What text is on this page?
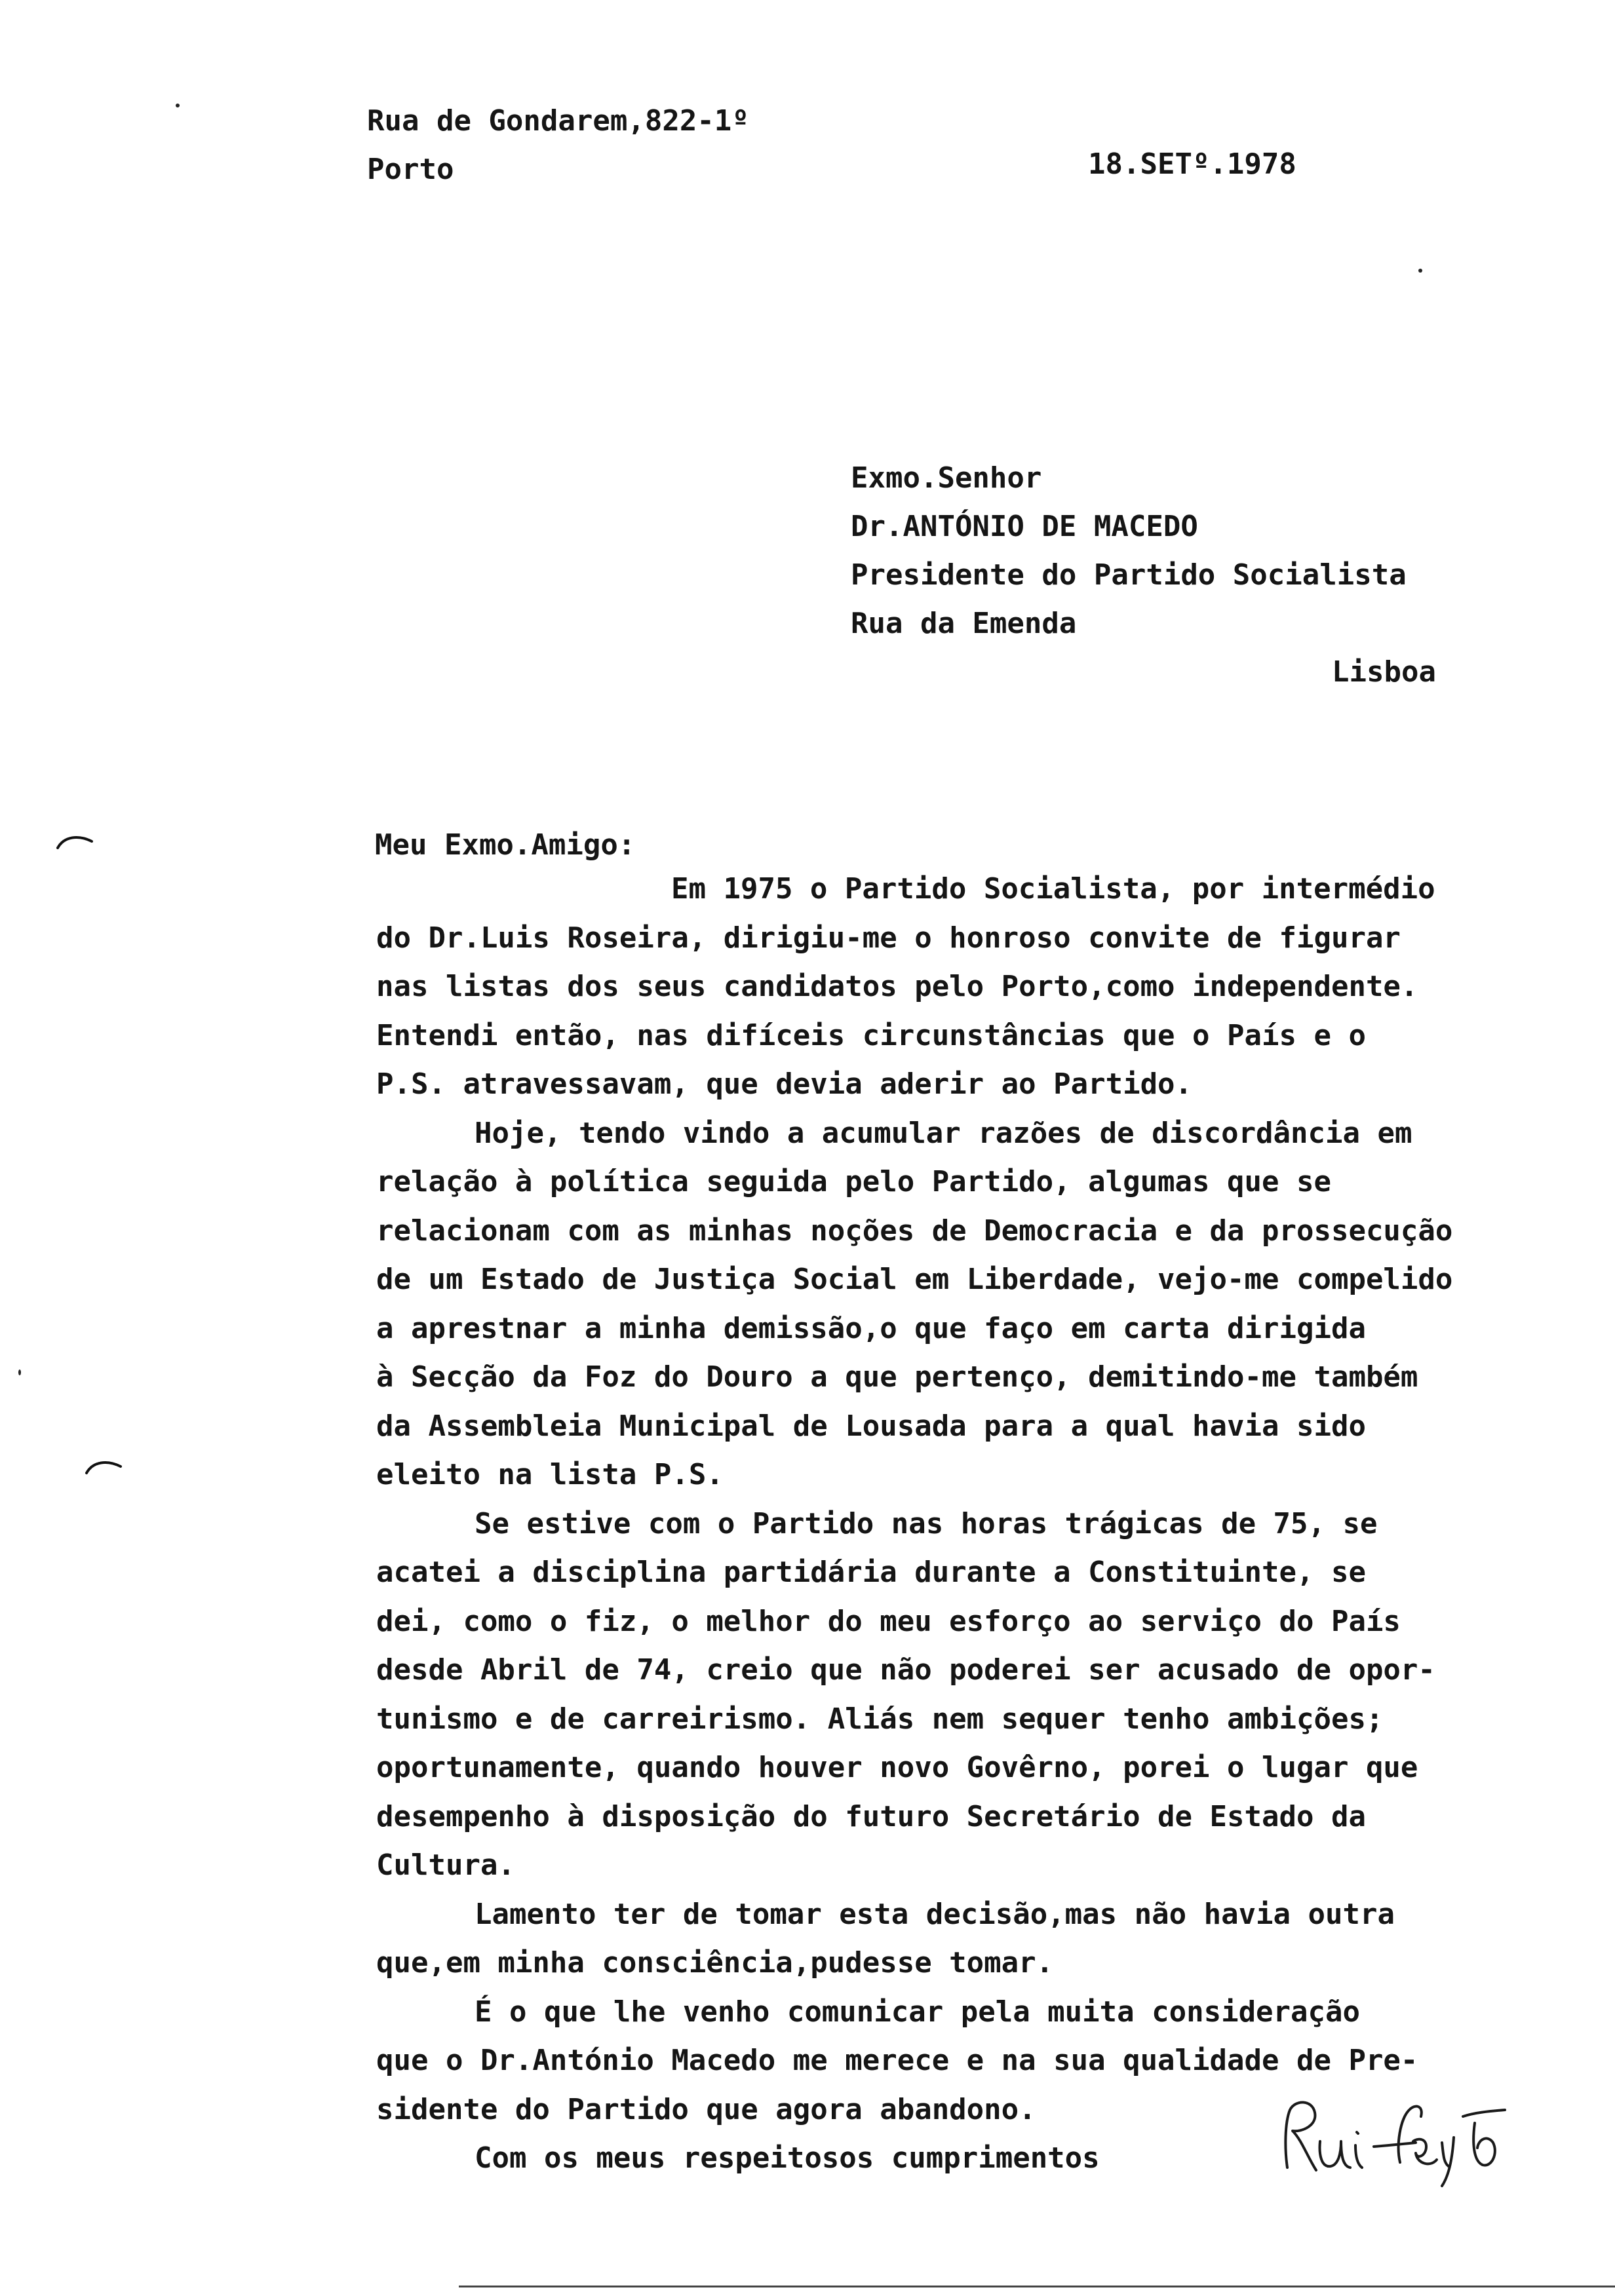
Rua de Gondarem,822-1º
Porto	18.SETº.1978
Exmo.Senhor
Dr.ANTÓNIO DE MACEDO
Presidente do Partido Socialista
Rua da Emenda
Lisboa
Meu Exmo.Amigo:
Em 1975 o Partido Socialista, por intermédio
do Dr.Luis Roseira, dirigiu-me o honroso convite de figurar
nas listas dos seus candidatos pelo Porto,como independente.
Entendi então, nas difíceis circunstâncias que o País e o
P.S. atravessavam, que devia aderir ao Partido.
Hoje, tendo vindo a acumular razões de discordância em
relação à política seguida pelo Partido, algumas que se
relacionam com as minhas noções de Democracia e da prossecução
de um Estado de Justiça Social em Liberdade, vejo-me compelido
a aprestnar a minha demissão,o que faço em carta dirigida
à Secção da Foz do Douro a que pertenço, demitindo-me também
da Assembleia Municipal de Lousada para a qual havia sido
eleito na lista P.S.
Se estive com o Partido nas horas trágicas de 75, se
acatei a disciplina partidária durante a Constituinte, se
dei, como o fiz, o melhor do meu esforço ao serviço do País
desde Abril de 74, creio que não poderei ser acusado de opor-
tunismo e de carreirismo. Aliás nem sequer tenho ambições;
oportunamente, quando houver novo Govêrno, porei o lugar que
desempenho à disposição do futuro Secretário de Estado da
Cultura.
Lamento ter de tomar esta decisão,mas não havia outra
que,em minha consciência,pudesse tomar.
É o que lhe venho comunicar pela muita consideração
que o Dr.António Macedo me merece e na sua qualidade de Pre-
sidente do Partido que agora abandono.
Com os meus respeitosos cumprimentos
